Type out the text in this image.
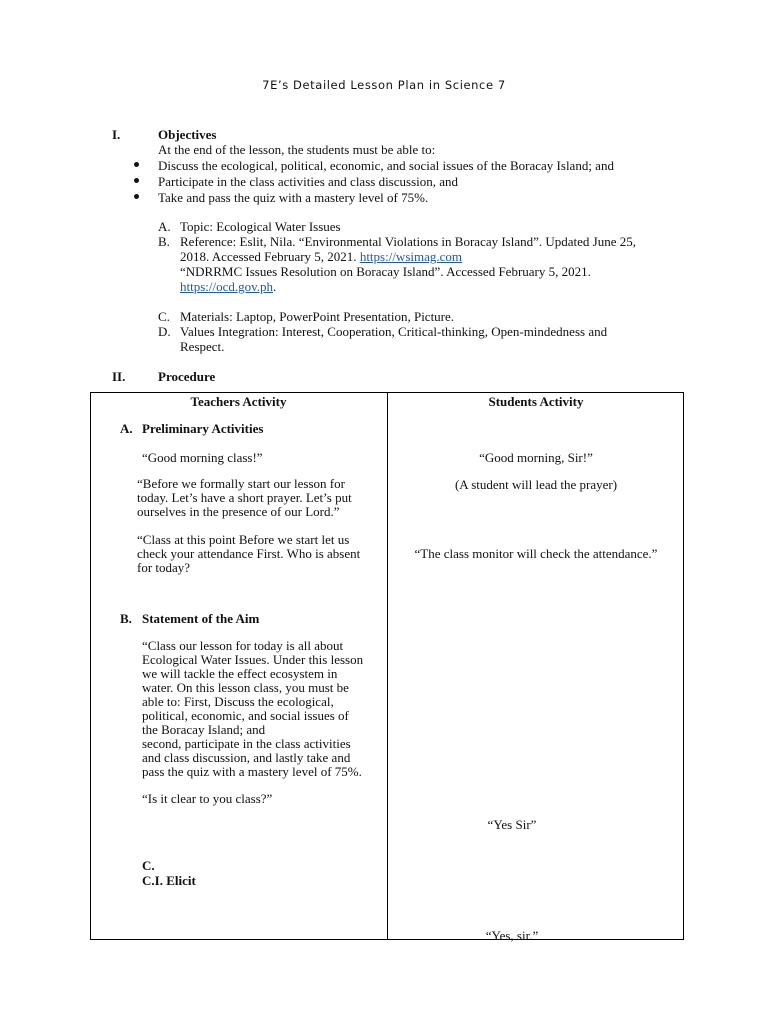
7E’s Detailed Lesson Plan in Science 7
I.	Objectives
At the end of the lesson, the students must be able to:
Discuss the ecological, political, economic, and social issues of the Boracay Island; and
Participate in the class activities and class discussion, and
Take and pass the quiz with a mastery level of 75%.
A. Topic: Ecological Water Issues
B. Reference: Eslit, Nila. “Environmental Violations in Boracay Island”. Updated June 25,
2018. Accessed February 5, 2021. https://wsimag.com
“NDRRMC Issues Resolution on Boracay Island”. Accessed February 5, 2021.
https://ocd.gov.ph.
C. Materials: Laptop, PowerPoint Presentation, Picture.
D. Values Integration: Interest, Cooperation, Critical-thinking, Open-mindedness and
Respect.
II.	Procedure
Teachers Activity
A. Preliminary Activities
“Good morning class!”
“Before we formally start our lesson for
today. Let’s have a short prayer. Let’s put
ourselves in the presence of our Lord.”
“Class at this point Before we start let us
check your attendance First. Who is absent
for today?
B. Statement of the Aim
“Class our lesson for today is all about
Ecological Water Issues. Under this lesson
we will tackle the effect ecosystem in
water. On this lesson class, you must be
able to: First, Discuss the ecological,
political, economic, and social issues of
the Boracay Island; and
second, participate in the class activities
and class discussion, and lastly take and
pass the quiz with a mastery level of 75%.
“Is it clear to you class?”
C.
C.I. Elicit
Students Activity
“Good morning, Sir!”
(A student will lead the prayer)
“The class monitor will check the attendance.”
“Yes Sir”
“Yes, sir.”
